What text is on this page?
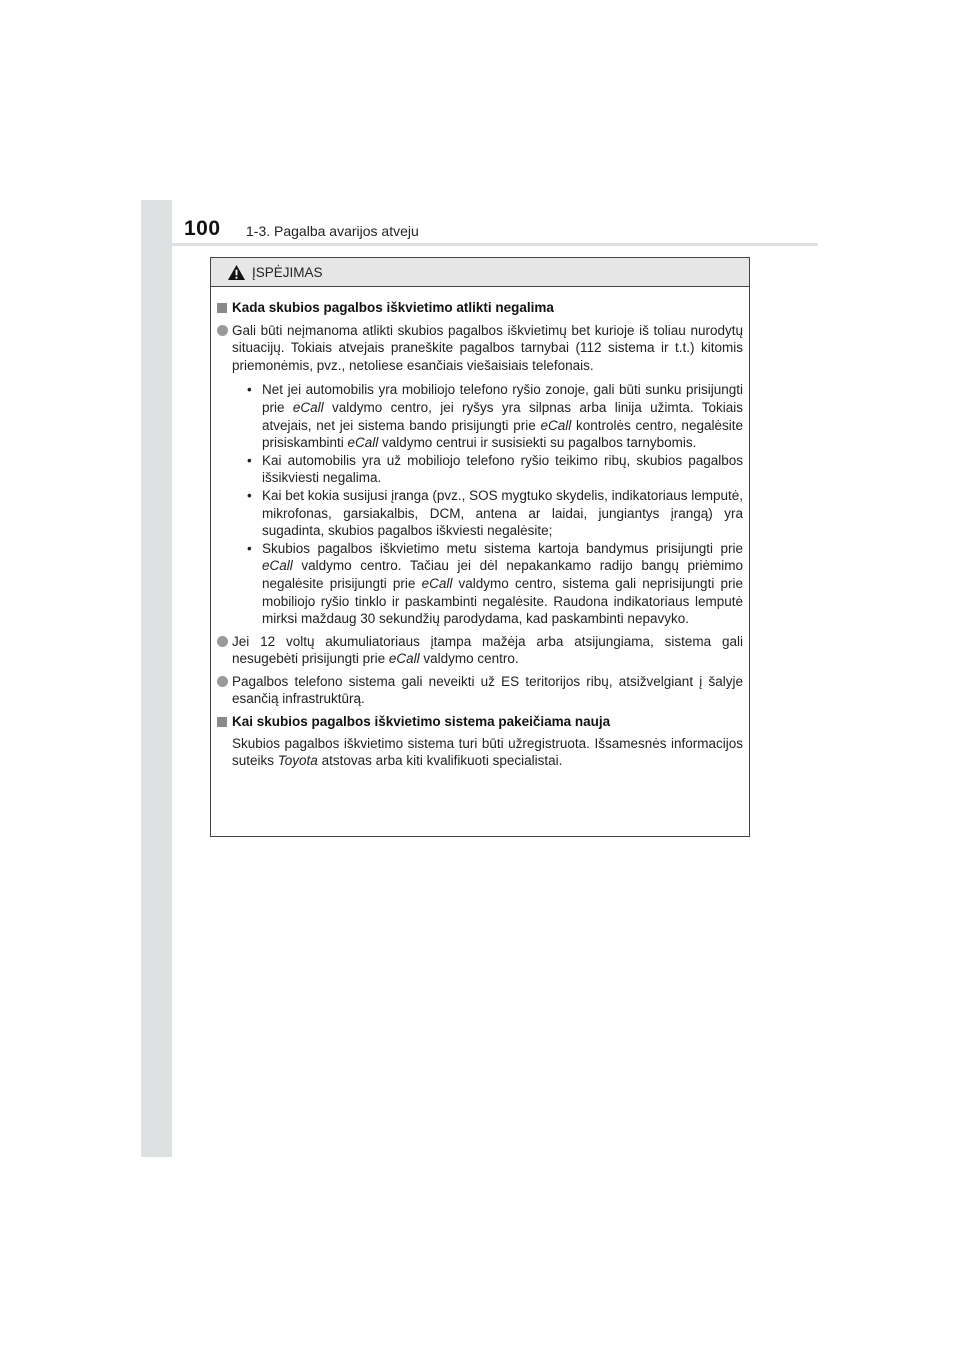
100 1-3. Pagalba avarijos atveju
ĮSPĖJIMAS
Kada skubios pagalbos iškvietimo atlikti negalima
Gali būti neįmanoma atlikti skubios pagalbos iškvietimų bet kurioje iš toliau nurodytų situacijų. Tokiais atvejais praneškite pagalbos tarnybai (112 sistema ir t.t.) kitomis priemonėmis, pvz., netoliese esančiais viešaisiais telefonais.
• Net jei automobilis yra mobiliojo telefono ryšio zonoje, gali būti sunku prisijungti prie eCall valdymo centro, jei ryšys yra silpnas arba linija užimta. Tokiais atvejais, net jei sistema bando prisijungti prie eCall kontrolės centro, negalėsite prisiskambinti eCall valdymo centrui ir susisiekti su pagalbos tarnybomis.
• Kai automobilis yra už mobiliojo telefono ryšio teikimo ribų, skubios pagalbos išsikviesti negalima.
• Kai bet kokia susijusi įranga (pvz., SOS mygtuko skydelis, indikatoriaus lemputė, mikrofonas, garsiakalbis, DCM, antena ar laidai, jungiantys įrangą) yra sugadinta, skubios pagalbos iškviesti negalėsite;
• Skubios pagalbos iškvietimo metu sistema kartoja bandymus prisijungti prie eCall valdymo centro. Tačiau jei dėl nepakankamo radijo bangų priėmimo negalėsite prisijungti prie eCall valdymo centro, sistema gali neprisijungti prie mobiliojo ryšio tinklo ir paskambinti negalėsite. Raudona indikatoriaus lemputė mirksi maždaug 30 sekundžių parodydama, kad paskambinti nepavyko.
Jei 12 voltų akumuliatoriaus įtampa mažėja arba atsijungiama, sistema gali nesugebėti prisijungti prie eCall valdymo centro.
Pagalbos telefono sistema gali neveikti už ES teritorijos ribų, atsižvelgiant į šalyje esančią infrastruktūrą.
Kai skubios pagalbos iškvietimo sistema pakeičiama nauja
Skubios pagalbos iškvietimo sistema turi būti užregistruota. Išsamesnės informacijos suteiks Toyota atstovas arba kiti kvalifikuoti specialistai.
